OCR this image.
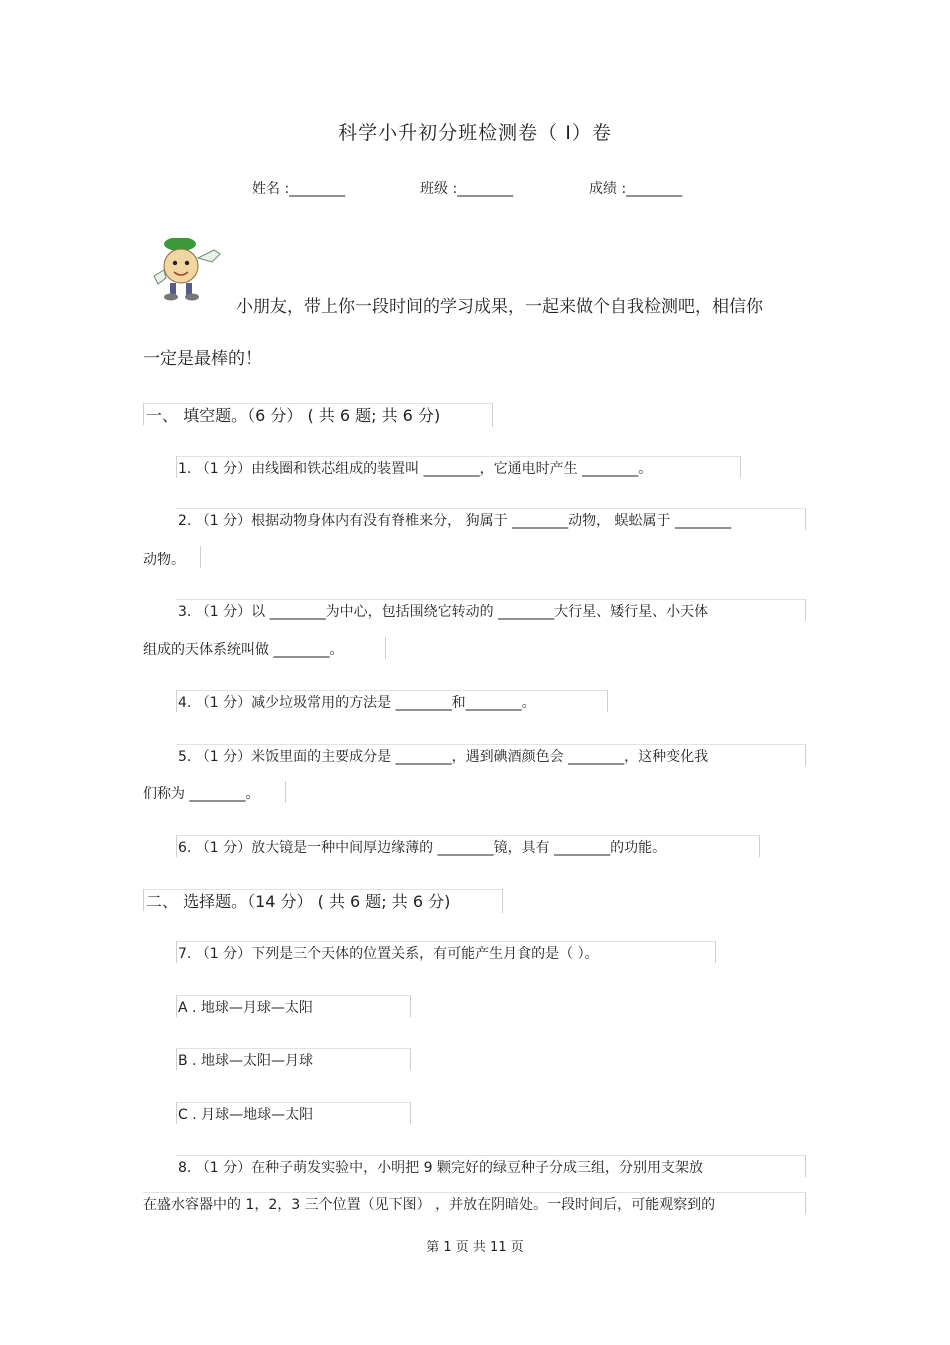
科学小升初分班检测卷（ I）卷
姓名 :________	班级 :________	成绩 :________
小朋友，带上你一段时间的学习成果，一起来做个自我检测吧，相信你
一定是最棒的！
一、 填空题。（6 分） ( 共 6 题; 共 6 分)
1. （1 分）由线圈和铁芯组成的装置叫 ________，它通电时产生 ________。
2. （1 分）根据动物身体内有没有脊椎来分， 狗属于 ________动物， 蜈蚣属于 ________
动物。
3. （1 分）以 ________为中心，包括围绕它转动的 ________大行星、矮行星、小天体
组成的天体系统叫做 ________。
4. （1 分）减少垃圾常用的方法是 ________和________。
5. （1 分）米饭里面的主要成分是 ________，遇到碘酒颜色会 ________，这种变化我
们称为 ________。
6. （1 分）放大镜是一种中间厚边缘薄的 ________镜，具有 ________的功能。
二、 选择题。（14 分） ( 共 6 题; 共 6 分)
7. （1 分）下列是三个天体的位置关系，有可能产生月食的是（ ）。
A . 地球—月球—太阳
B . 地球—太阳—月球
C . 月球—地球—太阳
8. （1 分）在种子萌发实验中，小明把 9 颗完好的绿豆种子分成三组，分别用支架放
在盛水容器中的 1，2，3 三个位置（见下图） ，并放在阴暗处。一段时间后，可能观察到的
第 1 页 共 11 页
